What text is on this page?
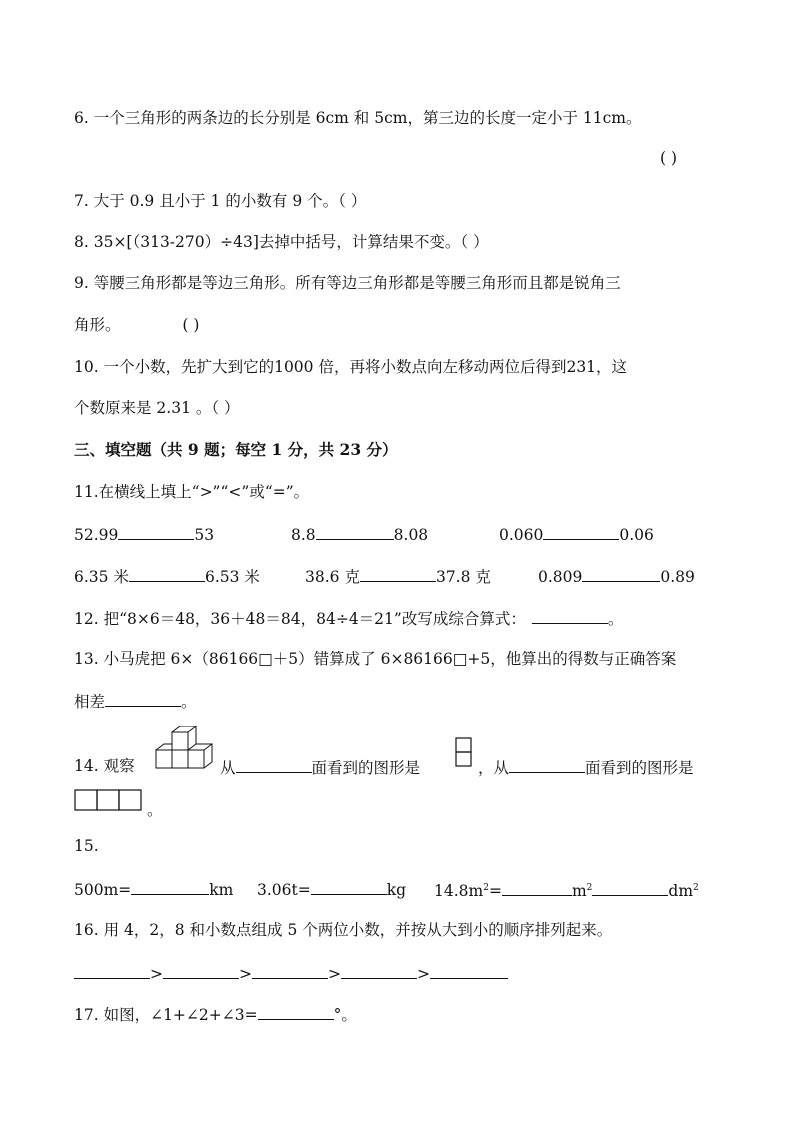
6. 一个三角形的两条边的长分别是 6cm 和 5cm，第三边的长度一定小于 11cm。
( )
7. 大于 0.9 且小于 1 的小数有 9 个。（ ）
8. 35×[（313-270）÷43]去掉中括号，计算结果不变。（ ）
9. 等腰三角形都是等边三角形。所有等边三角形都是等腰三角形而且都是锐角三
角形。	( )
10. 一个小数，先扩大到它的1000 倍，再将小数点向左移动两位后得到231，这
个数原来是 2.31 。（ ）
三、填空题（共 9 题；每空 1 分，共 23 分）
11.在横线上填上“>”“<”或“=”。
52.99	53	8.8	8.08	0.060	0.06
6.35 米	6.53 米	38.6 克	37.8 克	0.809	0.89
12. 把“8×6＝48，36＋48＝84，84÷4＝21”改写成综合算式：	。
13. 小马虎把 6×（86166□＋5）错算成了 6×86166□+5，他算出的得数与正确答案
相差	。
14. 观察	从	面看到的图形是	，从	面看到的图形是
。
15.
500m=	km 3.06t=	kg $14.8m^2=$	$m^2$	$dm^2$
16. 用 4，2，8 和小数点组成 5 个两位小数，并按从大到小的顺序排列起来。
>	>	>	>
17. 如图，∠1+∠2+∠3=	°。
